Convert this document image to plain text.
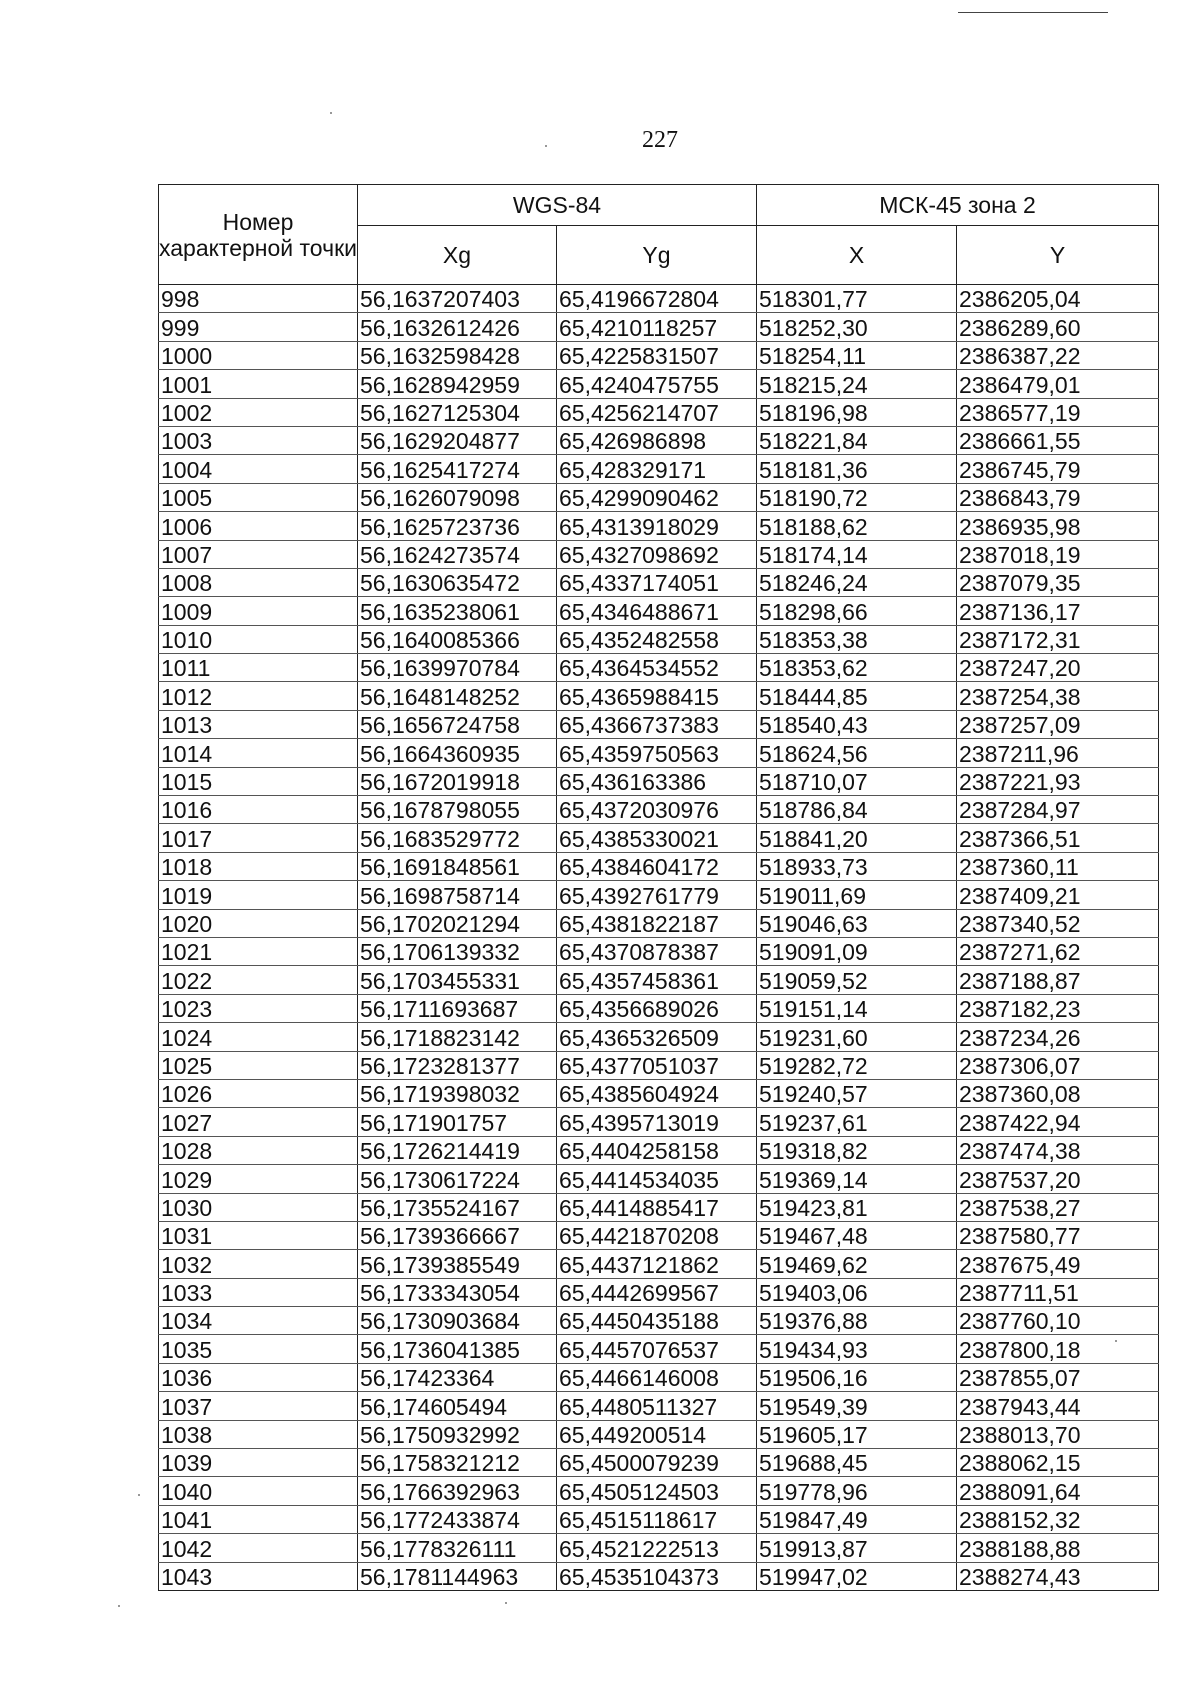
227
Номер характерной точки	WGS-84		МСК-45 зона 2	
	Xg	Yg	X	Y
998	56,1637207403	65,4196672804	518301,77	2386205,04
999	56,1632612426	65,4210118257	518252,30	2386289,60
1000	56,1632598428	65,4225831507	518254,11	2386387,22
1001	56,1628942959	65,4240475755	518215,24	2386479,01
1002	56,1627125304	65,4256214707	518196,98	2386577,19
1003	56,1629204877	65,426986898	518221,84	2386661,55
1004	56,1625417274	65,428329171	518181,36	2386745,79
1005	56,1626079098	65,4299090462	518190,72	2386843,79
1006	56,1625723736	65,4313918029	518188,62	2386935,98
1007	56,1624273574	65,4327098692	518174,14	2387018,19
1008	56,1630635472	65,4337174051	518246,24	2387079,35
1009	56,1635238061	65,4346488671	518298,66	2387136,17
1010	56,1640085366	65,4352482558	518353,38	2387172,31
1011	56,1639970784	65,4364534552	518353,62	2387247,20
1012	56,1648148252	65,4365988415	518444,85	2387254,38
1013	56,1656724758	65,4366737383	518540,43	2387257,09
1014	56,1664360935	65,4359750563	518624,56	2387211,96
1015	56,1672019918	65,436163386	518710,07	2387221,93
1016	56,1678798055	65,4372030976	518786,84	2387284,97
1017	56,1683529772	65,4385330021	518841,20	2387366,51
1018	56,1691848561	65,4384604172	518933,73	2387360,11
1019	56,1698758714	65,4392761779	519011,69	2387409,21
1020	56,1702021294	65,4381822187	519046,63	2387340,52
1021	56,1706139332	65,4370878387	519091,09	2387271,62
1022	56,1703455331	65,4357458361	519059,52	2387188,87
1023	56,1711693687	65,4356689026	519151,14	2387182,23
1024	56,1718823142	65,4365326509	519231,60	2387234,26
1025	56,1723281377	65,4377051037	519282,72	2387306,07
1026	56,1719398032	65,4385604924	519240,57	2387360,08
1027	56,171901757	65,4395713019	519237,61	2387422,94
1028	56,1726214419	65,4404258158	519318,82	2387474,38
1029	56,1730617224	65,4414534035	519369,14	2387537,20
1030	56,1735524167	65,4414885417	519423,81	2387538,27
1031	56,1739366667	65,4421870208	519467,48	2387580,77
1032	56,1739385549	65,4437121862	519469,62	2387675,49
1033	56,1733343054	65,4442699567	519403,06	2387711,51
1034	56,1730903684	65,4450435188	519376,88	2387760,10
1035	56,1736041385	65,4457076537	519434,93	2387800,18
1036	56,17423364	65,4466146008	519506,16	2387855,07
1037	56,174605494	65,4480511327	519549,39	2387943,44
1038	56,1750932992	65,449200514	519605,17	2388013,70
1039	56,1758321212	65,4500079239	519688,45	2388062,15
1040	56,1766392963	65,4505124503	519778,96	2388091,64
1041	56,1772433874	65,4515118617	519847,49	2388152,32
1042	56,1778326111	65,4521222513	519913,87	2388188,88
1043	56,1781144963	65,4535104373	519947,02	2388274,43
